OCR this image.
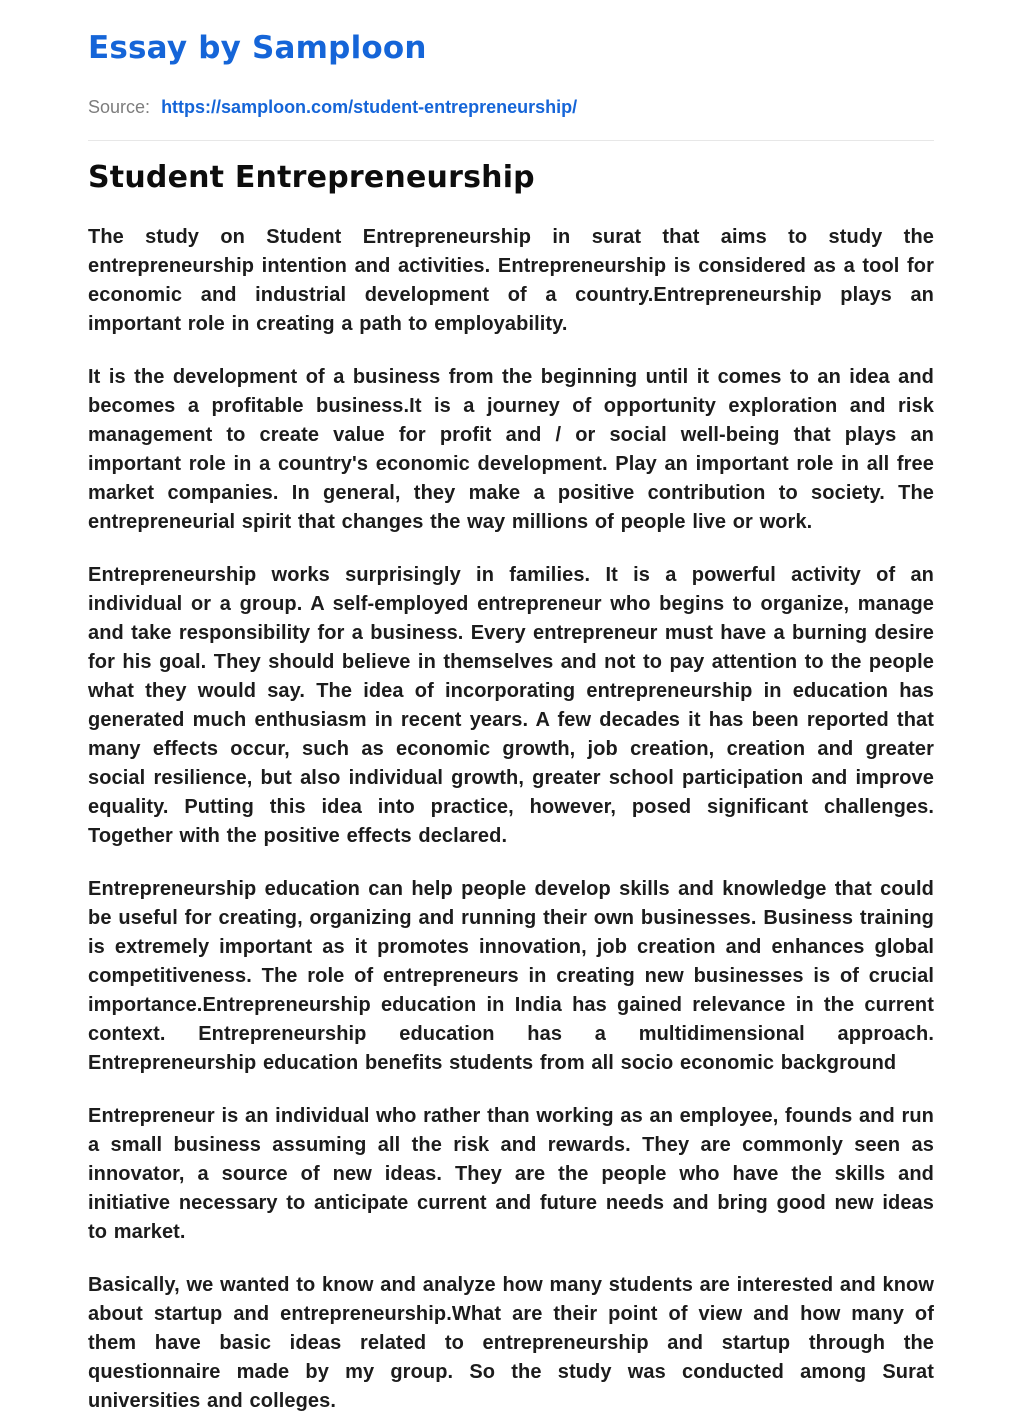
Essay by Samploon
Source: https://samploon.com/student-entrepreneurship/
Student Entrepreneurship

The study on Student Entrepreneurship in surat that aims to study the entrepreneurship intention and activities. Entrepreneurship is considered as a tool for economic and industrial development of a country.Entrepreneurship plays an important role in creating a path to employability.

It is the development of a business from the beginning until it comes to an idea and becomes a profitable business.It is a journey of opportunity exploration and risk management to create value for profit and / or social well-being that plays an important role in a country's economic development. Play an important role in all free market companies. In general, they make a positive contribution to society. The entrepreneurial spirit that changes the way millions of people live or work.

Entrepreneurship works surprisingly in families. It is a powerful activity of an individual or a group. A self-employed entrepreneur who begins to organize, manage and take responsibility for a business. Every entrepreneur must have a burning desire for his goal. They should believe in themselves and not to pay attention to the people what they would say. The idea of incorporating entrepreneurship in education has generated much enthusiasm in recent years. A few decades it has been reported that many effects occur, such as economic growth, job creation, creation and greater social resilience, but also individual growth, greater school participation and improve equality. Putting this idea into practice, however, posed significant challenges. Together with the positive effects declared.

Entrepreneurship education can help people develop skills and knowledge that could be useful for creating, organizing and running their own businesses. Business training is extremely important as it promotes innovation, job creation and enhances global competitiveness. The role of entrepreneurs in creating new businesses is of crucial importance.Entrepreneurship education in India has gained relevance in the current context. Entrepreneurship education has a multidimensional approach. Entrepreneurship education benefits students from all socio economic background

Entrepreneur is an individual who rather than working as an employee, founds and run a small business assuming all the risk and rewards. They are commonly seen as innovator, a source of new ideas. They are the people who have the skills and initiative necessary to anticipate current and future needs and bring good new ideas to market.

Basically, we wanted to know and analyze how many students are interested and know about startup and entrepreneurship.What are their point of view and how many of them have basic ideas related to entrepreneurship and startup through the questionnaire made by my group. So the study was conducted among Surat universities and colleges.
